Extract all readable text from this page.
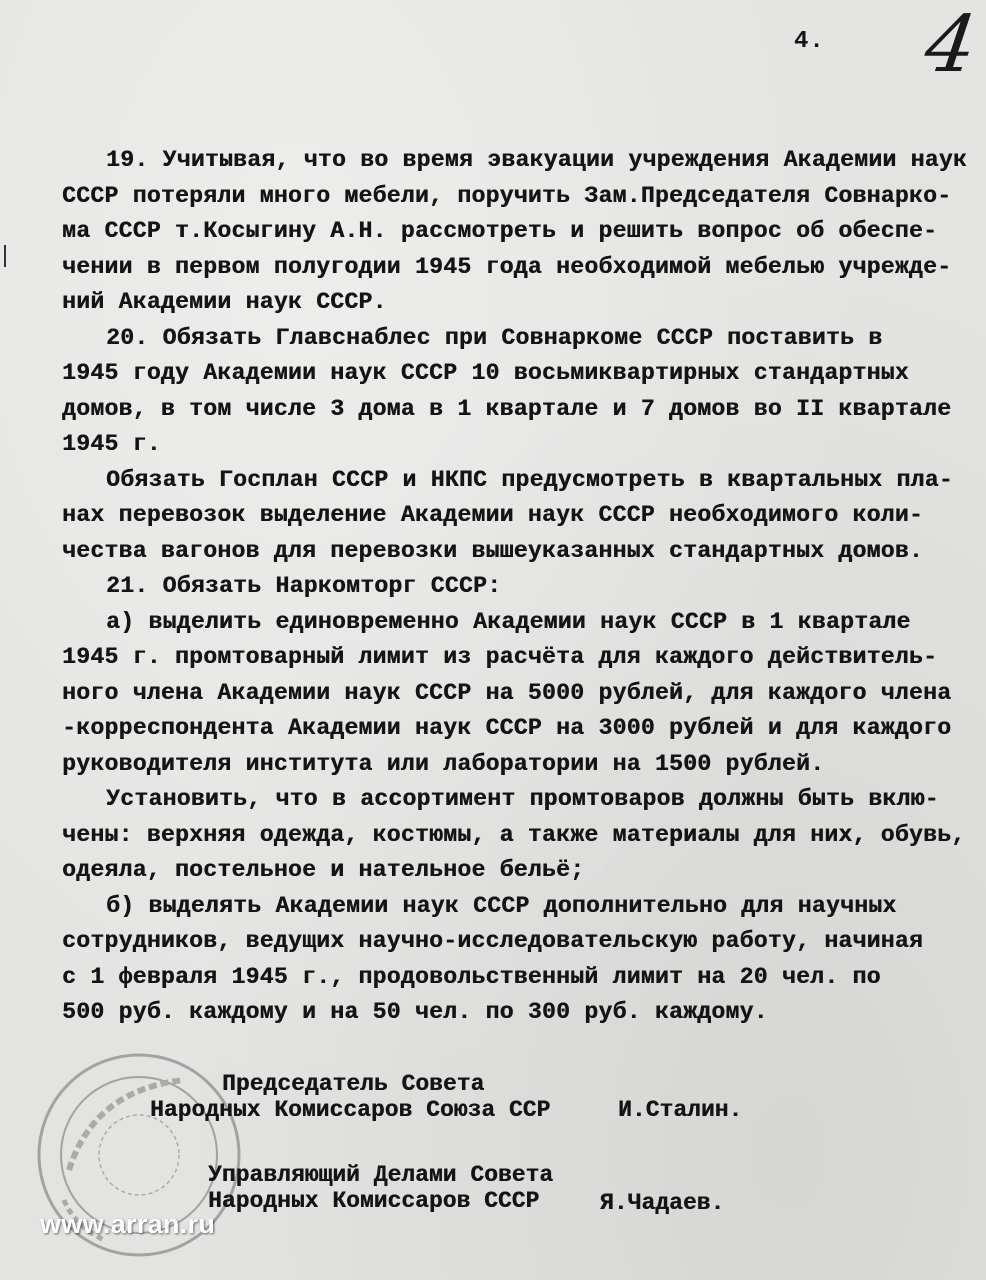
4. 4
19. Учитывая, что во время эвакуации учреждения Академии наук
СССР потеряли много мебели, поручить Зам.Председателя Совнарко-
ма СССР т.Косыгину А.Н. рассмотреть и решить вопрос об обеспе-
чении в первом полугодии 1945 года необходимой мебелью учрежде-
ний Академии наук СССР.
20. Обязать Главснаблес при Совнаркоме СССР поставить в
1945 году Академии наук СССР 10 восьмиквартирных стандартных
домов, в том числе 3 дома в 1 квартале и 7 домов во II квартале
1945 г.
Обязать Госплан СССР и НКПС предусмотреть в квартальных пла-
нах перевозок выделение Академии наук СССР необходимого коли-
чества вагонов для перевозки вышеуказанных стандартных домов.
21. Обязать Наркомторг СССР:
а) выделить единовременно Академии наук СССР в 1 квартале
1945 г. промтоварный лимит из расчёта для каждого действитель-
ного члена Академии наук СССР на 5000 рублей, для каждого члена
-корреспондента Академии наук СССР на 3000 рублей и для каждого
руководителя института или лаборатории на 1500 рублей.
Установить, что в ассортимент промтоваров должны быть вклю-
чены: верхняя одежда, костюмы, а также материалы для них, обувь,
одеяла, постельное и нательное бельё;
б) выделять Академии наук СССР дополнительно для научных
сотрудников, ведущих научно-исследовательскую работу, начиная
с 1 февраля 1945 г., продовольственный лимит на 20 чел. по
500 руб. каждому и на 50 чел. по 300 руб. каждому.
Председатель Совета
Народных Комиссаров Союза ССР	И.Сталин.
Управляющий Делами Совета
Народных Комиссаров СССР	Я.Чадаев.
www.arran.ru
